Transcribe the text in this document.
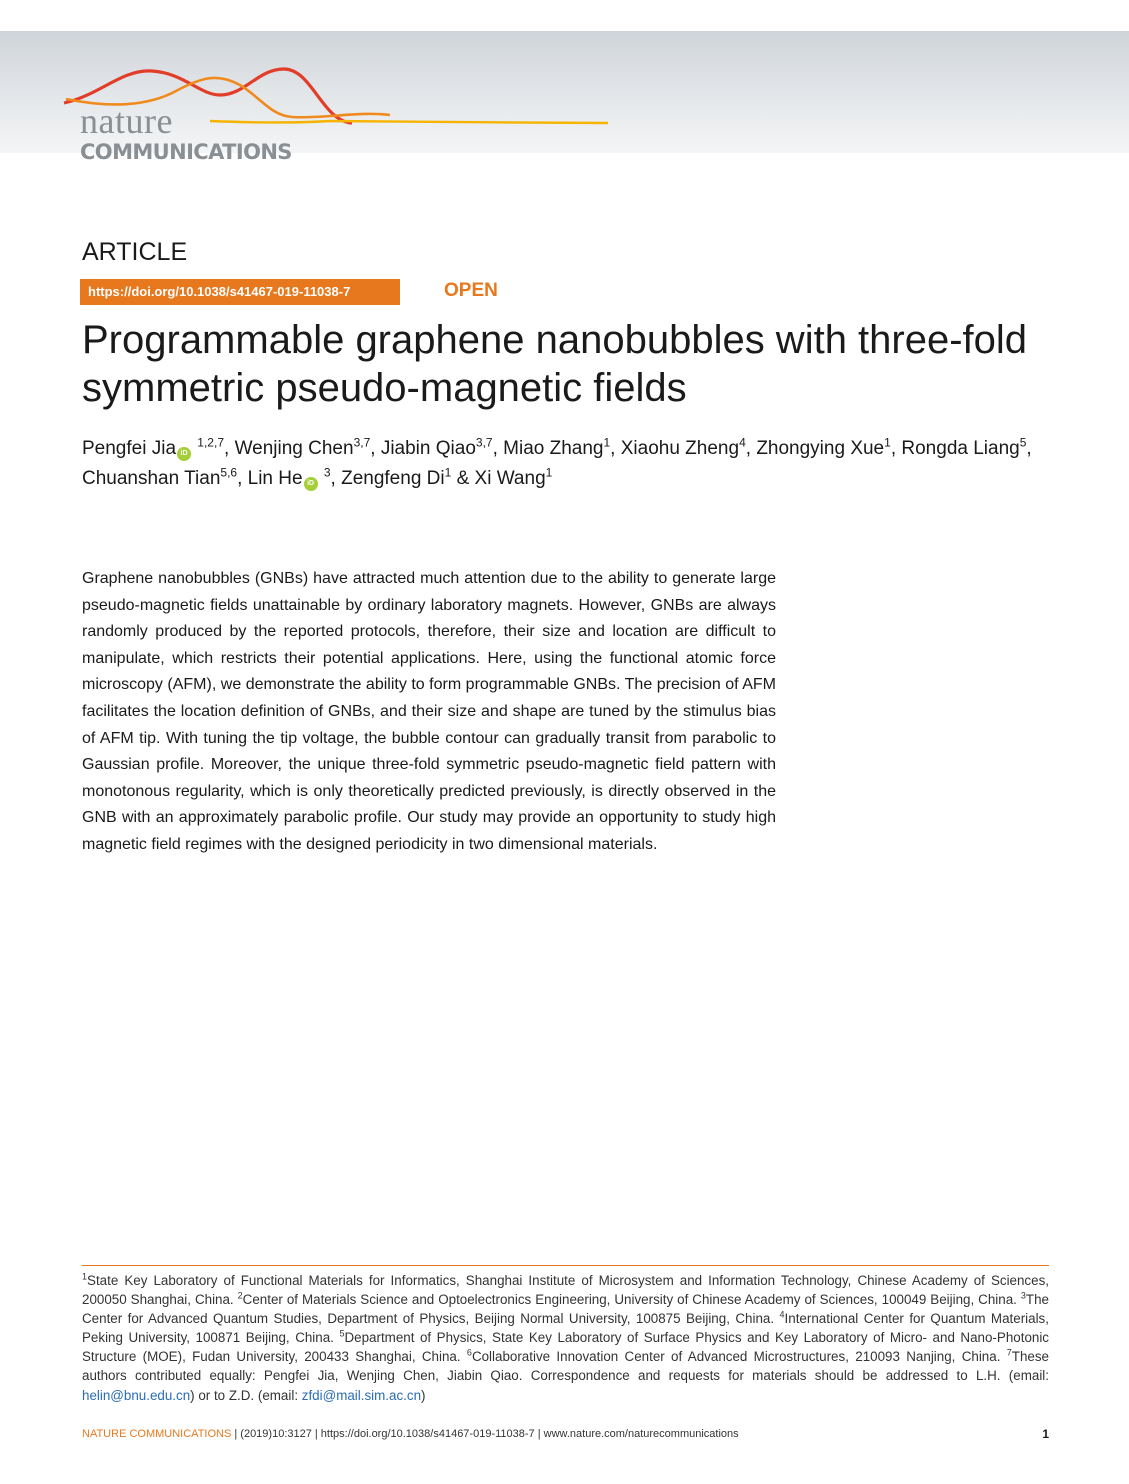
nature

COMMUNICATIONS

ARTICLE

https://doi.org/10.1038/s41467-019-11038-7	OPEN

Programmable graphene nanobubbles with three-fold symmetric pseudo-magnetic fields

Pengfei Jia iD $^{1,2,7}$, Wenjing Chen$^{3,7}$, Jiabin Qiao$^{3,7}$, Miao Zhang$^1$, Xiaohu Zheng$^4$, Zhongying Xue$^1$, Rongda Liang$^5$, Chuanshan Tian$^{5,6}$, Lin He iD $^3$, Zengfeng Di$^1$ & Xi Wang$^1$

Graphene nanobubbles (GNBs) have attracted much attention due to the ability to generate large pseudo-magnetic fields unattainable by ordinary laboratory magnets. However, GNBs are always randomly produced by the reported protocols, therefore, their size and location are difficult to manipulate, which restricts their potential applications. Here, using the functional atomic force microscopy (AFM), we demonstrate the ability to form programmable GNBs. The precision of AFM facilitates the location definition of GNBs, and their size and shape are tuned by the stimulus bias of AFM tip. With tuning the tip voltage, the bubble contour can gradually transit from parabolic to Gaussian profile. Moreover, the unique three-fold symmetric pseudo-magnetic field pattern with monotonous regularity, which is only theoretically predicted previously, is directly observed in the GNB with an approximately parabolic profile. Our study may provide an opportunity to study high magnetic field regimes with the designed periodicity in two dimensional materials.

$^1$State Key Laboratory of Functional Materials for Informatics, Shanghai Institute of Microsystem and Information Technology, Chinese Academy of Sciences, 200050 Shanghai, China. $^2$Center of Materials Science and Optoelectronics Engineering, University of Chinese Academy of Sciences, 100049 Beijing, China. $^3$The Center for Advanced Quantum Studies, Department of Physics, Beijing Normal University, 100875 Beijing, China. $^4$International Center for Quantum Materials, Peking University, 100871 Beijing, China. $^5$Department of Physics, State Key Laboratory of Surface Physics and Key Laboratory of Micro- and Nano-Photonic Structure (MOE), Fudan University, 200433 Shanghai, China. $^6$Collaborative Innovation Center of Advanced Microstructures, 210093 Nanjing, China. $^7$These authors contributed equally: Pengfei Jia, Wenjing Chen, Jiabin Qiao. Correspondence and requests for materials should be addressed to L.H. (email: helin@bnu.edu.cn) or to Z.D. (email: zfdi@mail.sim.ac.cn)

NATURE COMMUNICATIONS | (2019)10:3127 | https://doi.org/10.1038/s41467-019-11038-7 | www.nature.com/naturecommunications	1
